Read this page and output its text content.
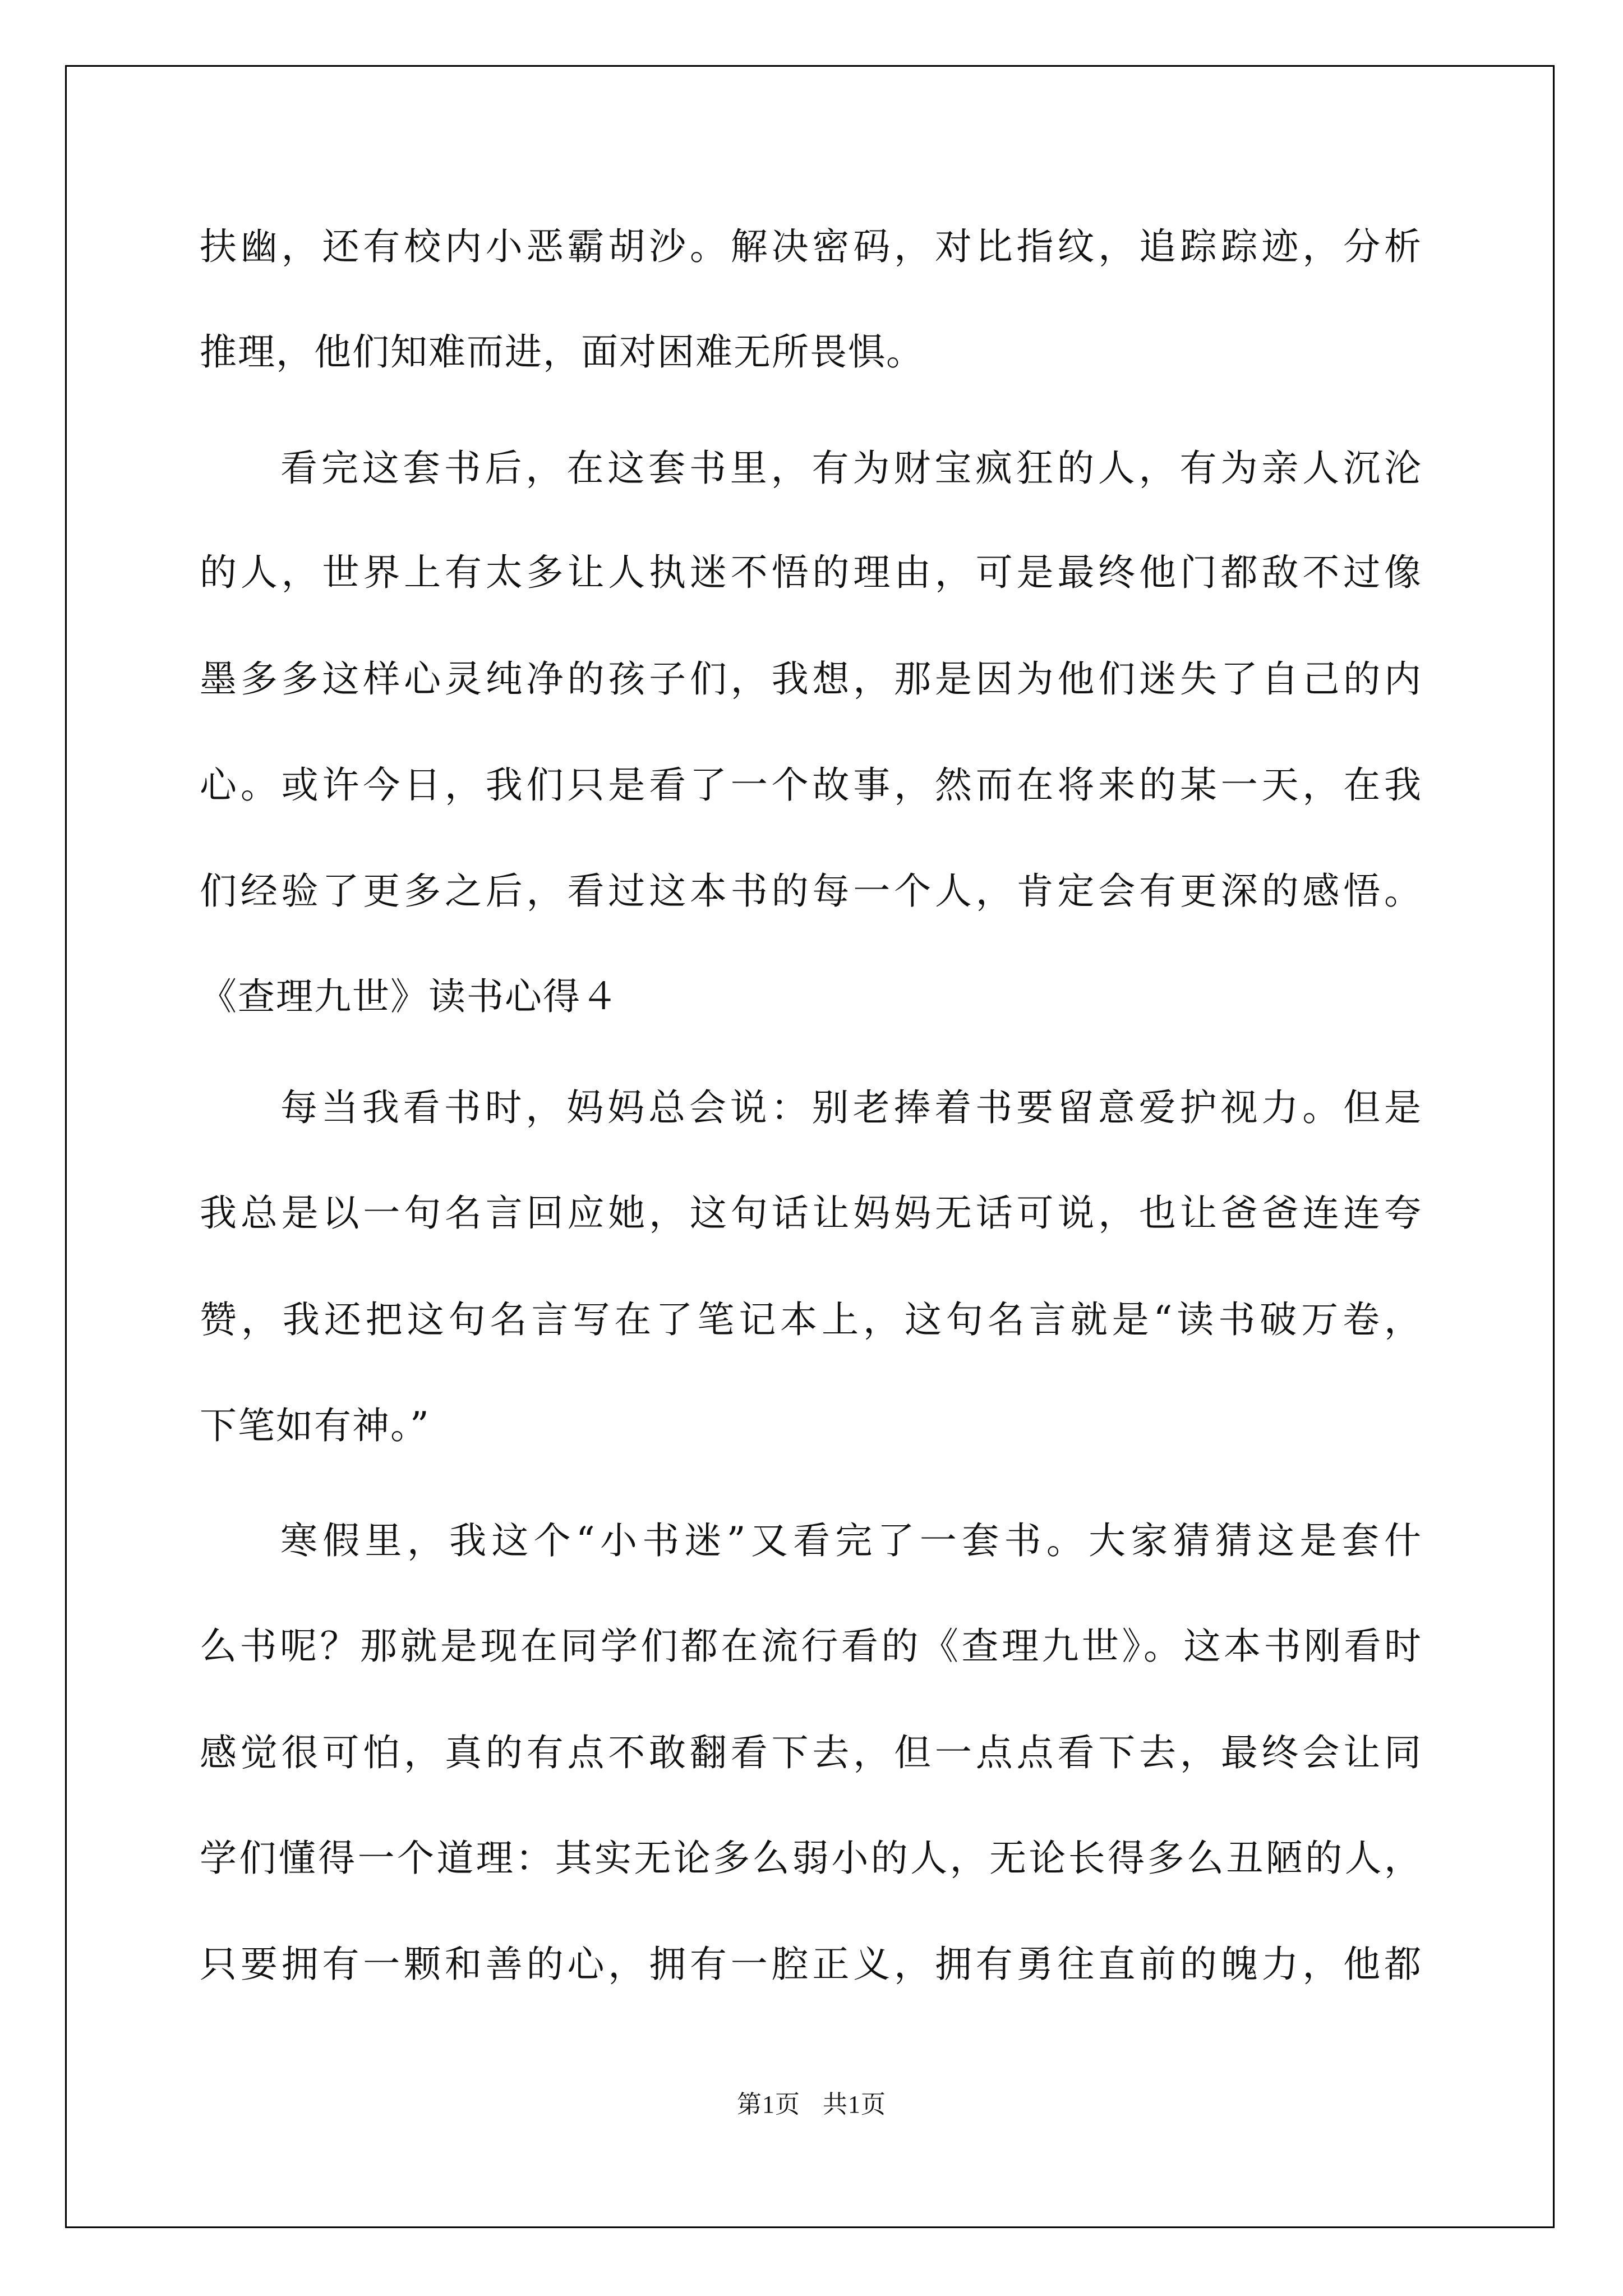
扶幽，还有校内小恶霸胡沙。解决密码，对比指纹，追踪踪迹，分析
推理，他们知难而进，面对困难无所畏惧。
看完这套书后，在这套书里，有为财宝疯狂的人，有为亲人沉沦
的人，世界上有太多让人执迷不悟的理由，可是最终他门都敌不过像
墨多多这样心灵纯净的孩子们，我想，那是因为他们迷失了自己的内
心。或许今日，我们只是看了一个故事，然而在将来的某一天，在我
们经验了更多之后，看过这本书的每一个人，肯定会有更深的感悟。
《查理九世》读书心得４
每当我看书时，妈妈总会说：别老捧着书要留意爱护视力。但是
我总是以一句名言回应她，这句话让妈妈无话可说，也让爸爸连连夸
赞，我还把这句名言写在了笔记本上，这句名言就是“读书破万卷，
下笔如有神。”
寒假里，我这个“小书迷”又看完了一套书。大家猜猜这是套什
么书呢？那就是现在同学们都在流行看的《查理九世》。这本书刚看时
感觉很可怕，真的有点不敢翻看下去，但一点点看下去，最终会让同
学们懂得一个道理：其实无论多么弱小的人，无论长得多么丑陋的人，
只要拥有一颗和善的心，拥有一腔正义，拥有勇往直前的魄力，他都
第1页 共1页
